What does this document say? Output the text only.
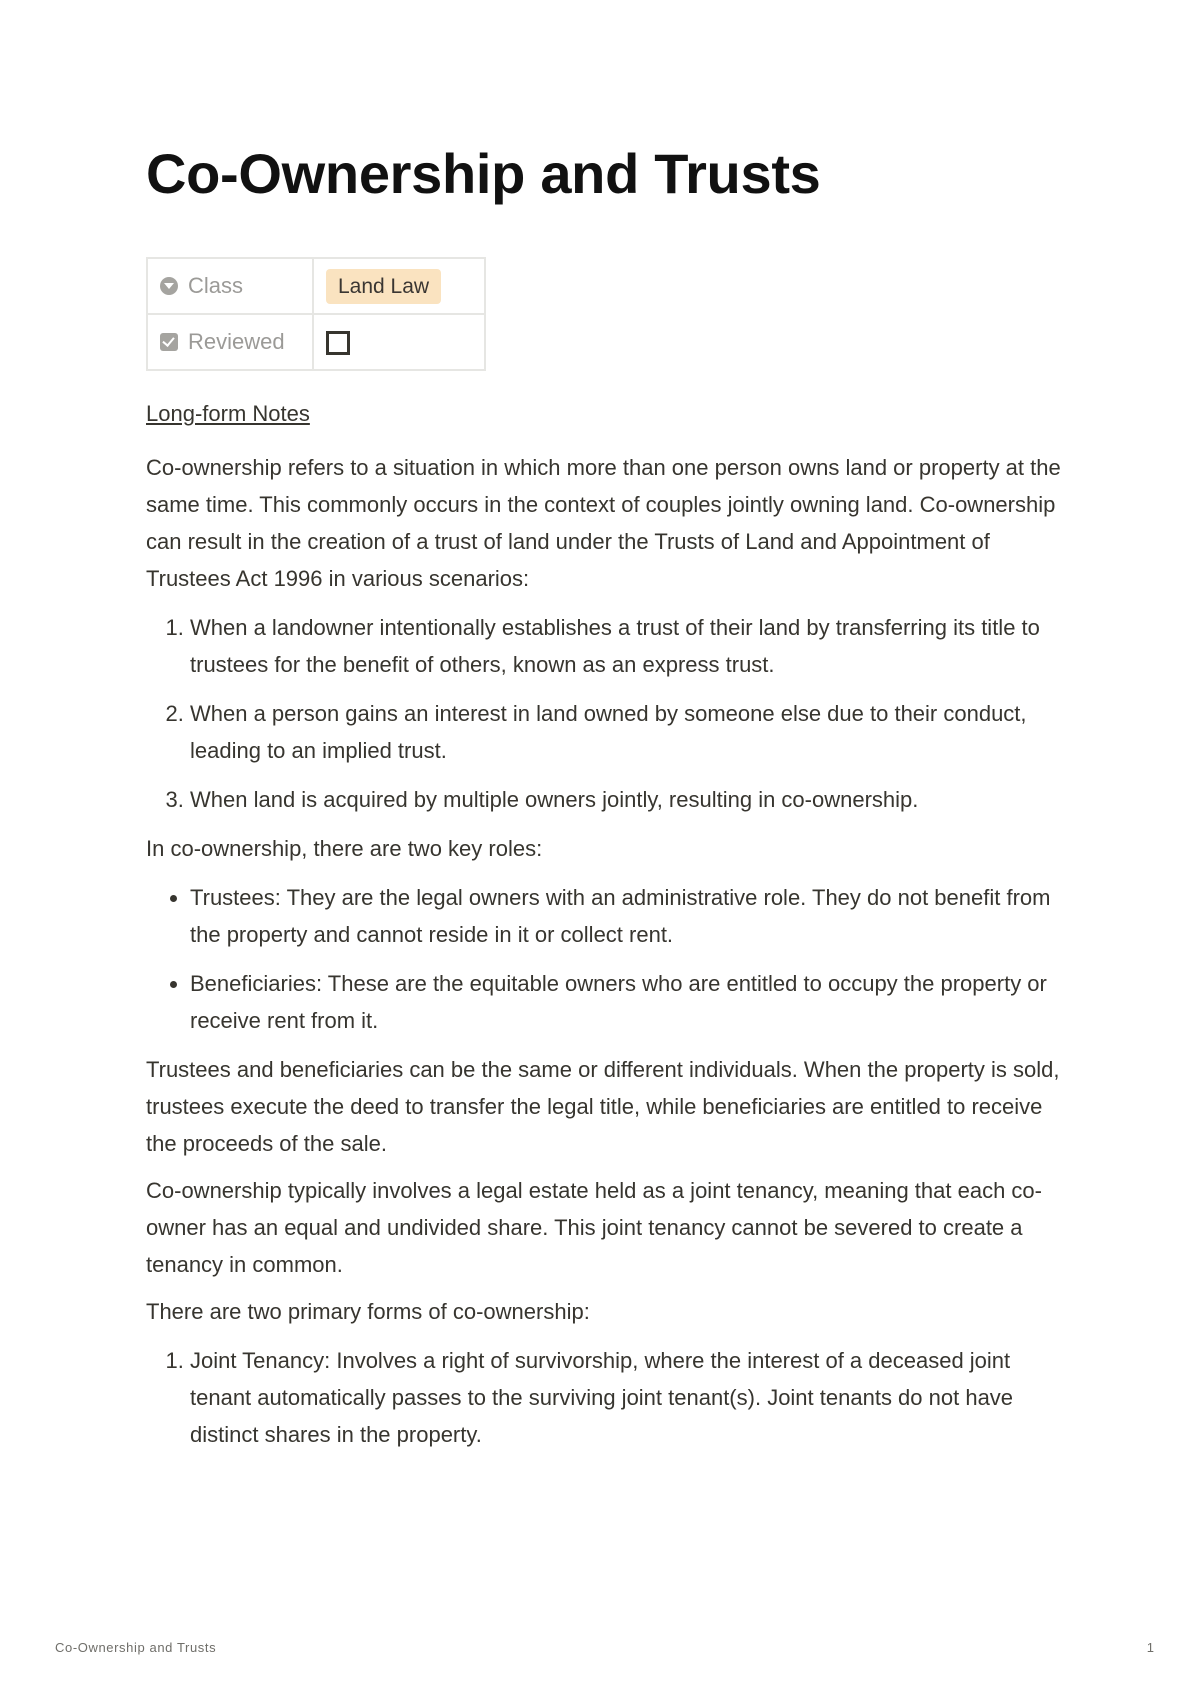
Co-Ownership and Trusts
Class	Land Law
Reviewed	
Long-form Notes

Co-ownership refers to a situation in which more than one person owns land or property at the same time. This commonly occurs in the context of couples jointly owning land. Co-ownership can result in the creation of a trust of land under the Trusts of Land and Appointment of Trustees Act 1996 in various scenarios:

1. When a landowner intentionally establishes a trust of their land by transferring its title to trustees for the benefit of others, known as an express trust.
2. When a person gains an interest in land owned by someone else due to their conduct, leading to an implied trust.
3. When land is acquired by multiple owners jointly, resulting in co-ownership.

In co-ownership, there are two key roles:

• Trustees: They are the legal owners with an administrative role. They do not benefit from the property and cannot reside in it or collect rent.
• Beneficiaries: These are the equitable owners who are entitled to occupy the property or receive rent from it.

Trustees and beneficiaries can be the same or different individuals. When the property is sold, trustees execute the deed to transfer the legal title, while beneficiaries are entitled to receive the proceeds of the sale.

Co-ownership typically involves a legal estate held as a joint tenancy, meaning that each co-owner has an equal and undivided share. This joint tenancy cannot be severed to create a tenancy in common.

There are two primary forms of co-ownership:

1. Joint Tenancy: Involves a right of survivorship, where the interest of a deceased joint tenant automatically passes to the surviving joint tenant(s). Joint tenants do not have distinct shares in the property.
Co-Ownership and Trusts	1
